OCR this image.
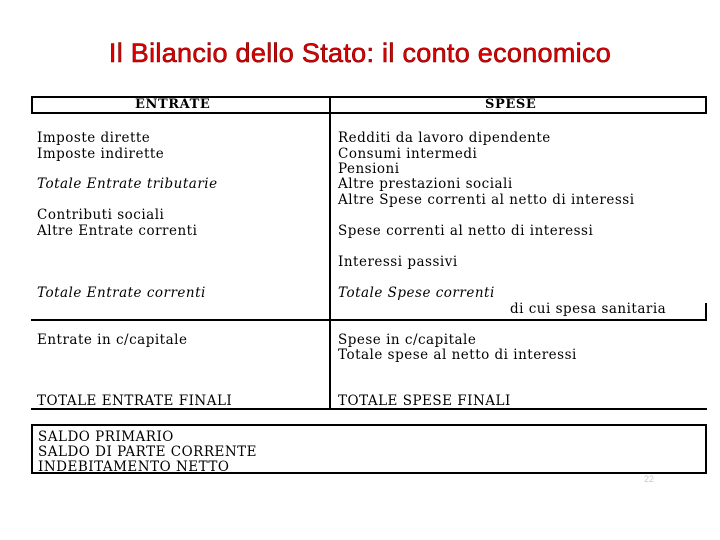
Il Bilancio dello Stato: il conto economico
ENTRATE	SPESE
Imposte dirette
Imposte indirette
Totale Entrate tributarie
Contributi sociali
Altre Entrate correnti
Totale Entrate correnti
Entrate in c/capitale
TOTALE ENTRATE FINALI
Redditi da lavoro dipendente
Consumi intermedi
Pensioni
Altre prestazioni sociali
Altre Spese correnti al netto di interessi
Spese correnti al netto di interessi
Interessi passivi
Totale Spese correnti
di cui spesa sanitaria
Spese in c/capitale
Totale spese al netto di interessi
TOTALE SPESE FINALI
SALDO PRIMARIO
SALDO DI PARTE CORRENTE
INDEBITAMENTO NETTO
22
